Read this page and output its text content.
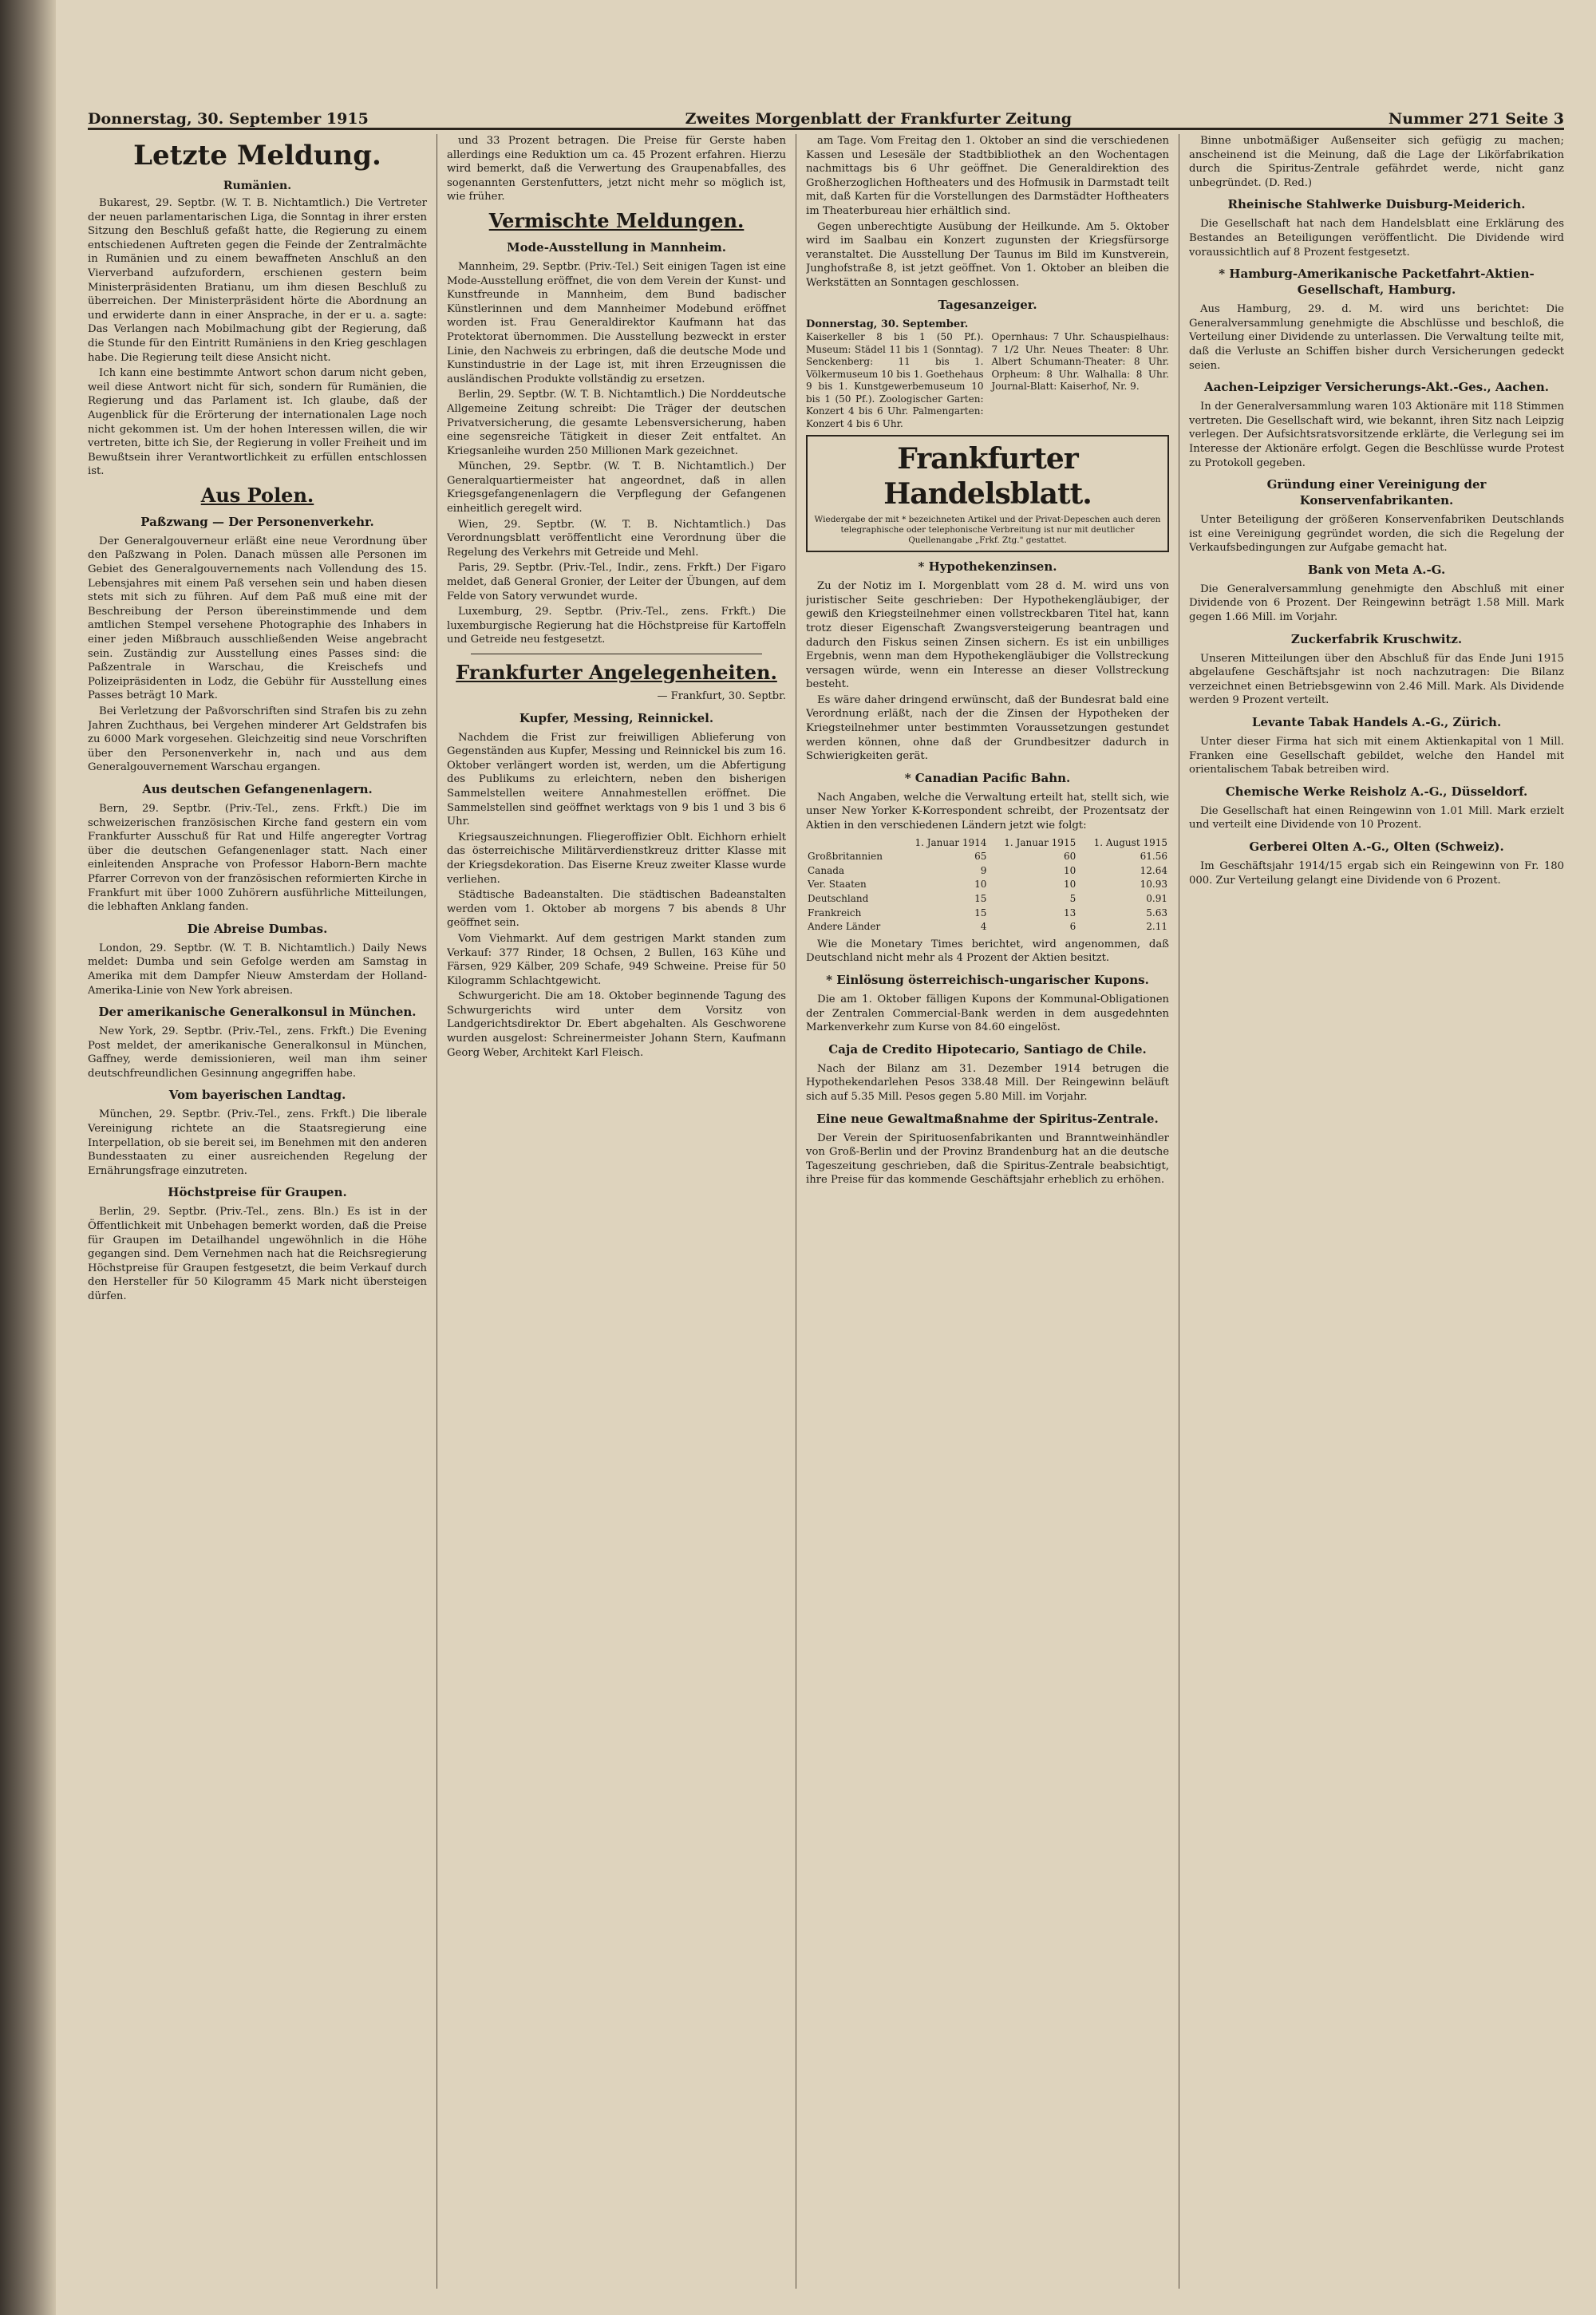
Donnerstag, 30. September 1915	Zweites Morgenblatt der Frankfurter Zeitung	Nummer 271 Seite 3
Letzte Meldung.
Rumänien.

Bukarest, 29. Septbr. (W. T. B. Nichtamtlich.) Die Vertreter der neuen parlamentarischen Liga, die Sonntag in ihrer ersten Sitzung den Beschluß gefaßt hatte, die Regierung zu einem entschiedenen Auftreten gegen die Feinde der Zentralmächte in Rumänien und zu einem bewaffneten Anschluß an den Vierverband aufzufordern, erschienen gestern beim Ministerpräsidenten Bratianu, um ihm diesen Beschluß zu überreichen. Der Ministerpräsident hörte die Abordnung an und erwiderte dann in einer Ansprache, in der er u. a. sagte: Das Verlangen nach Mobilmachung gibt der Regierung, daß die Stunde für den Eintritt Rumäniens in den Krieg geschlagen habe. Die Regierung teilt diese Ansicht nicht.

Ich kann eine bestimmte Antwort schon darum nicht geben, weil diese Antwort nicht für sich, sondern für Rumänien, die Regierung und das Parlament ist. Ich glaube, daß der Augenblick für die Erörterung der internationalen Lage noch nicht gekommen ist. Um der hohen Interessen willen, die wir vertreten, bitte ich Sie, der Regierung in voller Freiheit und im Bewußtsein ihrer Verantwortlichkeit zu erfüllen entschlossen ist.

Aus Polen.
Paßzwang — Der Personenverkehr.

Der Generalgouverneur erläßt eine neue Verordnung über den Paßzwang in Polen. Danach müssen alle Personen im Gebiet des Generalgouvernements nach Vollendung des 15. Lebensjahres mit einem Paß versehen sein und haben diesen stets mit sich zu führen. Auf dem Paß muß eine mit der Beschreibung der Person übereinstimmende und dem amtlichen Stempel versehene Photographie des Inhabers in einer jeden Mißbrauch ausschließenden Weise angebracht sein. Zuständig zur Ausstellung eines Passes sind: die Paßzentrale in Warschau, die Kreischefs und Polizeipräsidenten in Lodz, die Gebühr für Ausstellung eines Passes beträgt 10 Mark.

Bei Verletzung der Paßvorschriften sind Strafen bis zu zehn Jahren Zuchthaus, bei Vergehen minderer Art Geldstrafen bis zu 6000 Mark vorgesehen. Gleichzeitig sind neue Vorschriften über den Personenverkehr in, nach und aus dem Generalgouvernement Warschau ergangen.

Aus deutschen Gefangenenlagern.

Bern, 29. Septbr. (Priv.-Tel., zens. Frkft.) Die im schweizerischen französischen Kirche fand gestern ein vom Frankfurter Ausschuß für Rat und Hilfe angeregter Vortrag über die deutschen Gefangenenlager statt. Nach einer einleitenden Ansprache von Professor Haborn-Bern machte Pfarrer Correvon von der französischen reformierten Kirche in Frankfurt mit über 1000 Zuhörern ausführliche Mitteilungen, die lebhaften Anklang fanden.

Die Abreise Dumbas.

London, 29. Septbr. (W. T. B. Nichtamtlich.) Daily News meldet: Dumba und sein Gefolge werden am Samstag in Amerika mit dem Dampfer Nieuw Amsterdam der Holland-Amerika-Linie von New York abreisen.

Der amerikanische Generalkonsul in München.

New York, 29. Septbr. (Priv.-Tel., zens. Frkft.) Die Evening Post meldet, der amerikanische Generalkonsul in München, Gaffney, werde demissionieren, weil man ihm seiner deutschfreundlichen Gesinnung angegriffen habe.

Vom bayerischen Landtag.

München, 29. Septbr. (Priv.-Tel., zens. Frkft.) Die liberale Vereinigung richtete an die Staatsregierung eine Interpellation, ob sie bereit sei, im Benehmen mit den anderen Bundesstaaten zu einer ausreichenden Regelung der Ernährungsfrage einzutreten.

Höchstpreise für Graupen.

Berlin, 29. Septbr. (Priv.-Tel., zens. Bln.) Es ist in der Öffentlichkeit mit Unbehagen bemerkt worden, daß die Preise für Graupen im Detailhandel ungewöhnlich in die Höhe gegangen sind. Dem Vernehmen nach hat die Reichsregierung Höchstpreise für Graupen festgesetzt, die beim Verkauf durch den Hersteller für 50 Kilogramm 45 Mark nicht übersteigen dürfen.

und 33 Prozent betragen. Die Preise für Gerste haben allerdings eine Reduktion um ca. 45 Prozent erfahren. Hierzu wird bemerkt, daß die Verwertung des Graupenabfalles, des sogenannten Gerstenfutters, jetzt nicht mehr so möglich ist, wie früher.

Vermischte Meldungen.
Mode-Ausstellung in Mannheim.

Mannheim, 29. Septbr. (Priv.-Tel.) Seit einigen Tagen ist eine Mode-Ausstellung eröffnet, die von dem Verein der Kunst- und Kunstfreunde in Mannheim, dem Bund badischer Künstlerinnen und dem Mannheimer Modebund eröffnet worden ist. Frau Generaldirektor Kaufmann hat das Protektorat übernommen. Die Ausstellung bezweckt in erster Linie, den Nachweis zu erbringen, daß die deutsche Mode und Kunstindustrie in der Lage ist, mit ihren Erzeugnissen die ausländischen Produkte vollständig zu ersetzen.

Berlin, 29. Septbr. (W. T. B. Nichtamtlich.) Die Norddeutsche Allgemeine Zeitung schreibt: Die Träger der deutschen Privatversicherung, die gesamte Lebensversicherung, haben eine segensreiche Tätigkeit in dieser Zeit entfaltet. An Kriegsanleihe wurden 250 Millionen Mark gezeichnet.

München, 29. Septbr. (W. T. B. Nichtamtlich.) Der Generalquartiermeister hat angeordnet, daß in allen Kriegsgefangenenlagern die Verpflegung der Gefangenen einheitlich geregelt wird.

Wien, 29. Septbr. (W. T. B. Nichtamtlich.) Das Verordnungsblatt veröffentlicht eine Verordnung über die Regelung des Verkehrs mit Getreide und Mehl.

Paris, 29. Septbr. (Priv.-Tel., Indir., zens. Frkft.) Der Figaro meldet, daß General Gronier, der Leiter der Übungen, auf dem Felde von Satory verwundet wurde.

Luxemburg, 29. Septbr. (Priv.-Tel., zens. Frkft.) Die luxemburgische Regierung hat die Höchstpreise für Kartoffeln und Getreide neu festgesetzt.

Frankfurter Angelegenheiten.
— Frankfurt, 30. Septbr.
Kupfer, Messing, Reinnickel.

Nachdem die Frist zur freiwilligen Ablieferung von Gegenständen aus Kupfer, Messing und Reinnickel bis zum 16. Oktober verlängert worden ist, werden, um die Abfertigung des Publikums zu erleichtern, neben den bisherigen Sammelstellen weitere Annahmestellen eröffnet. Die Sammelstellen sind geöffnet werktags von 9 bis 1 und 3 bis 6 Uhr.

Kriegsauszeichnungen. Fliegeroffizier Oblt. Eichhorn erhielt das österreichische Militärverdienstkreuz dritter Klasse mit der Kriegsdekoration. Das Eiserne Kreuz zweiter Klasse wurde verliehen.

Städtische Badeanstalten. Die städtischen Badeanstalten werden vom 1. Oktober ab morgens 7 bis abends 8 Uhr geöffnet sein.

Vom Viehmarkt. Auf dem gestrigen Markt standen zum Verkauf: 377 Rinder, 18 Ochsen, 2 Bullen, 163 Kühe und Färsen, 929 Kälber, 209 Schafe, 949 Schweine. Preise für 50 Kilogramm Schlachtgewicht.

Schwurgericht. Die am 18. Oktober beginnende Tagung des Schwurgerichts wird unter dem Vorsitz von Landgerichtsdirektor Dr. Ebert abgehalten. Als Geschworene wurden ausgelost: Schreinermeister Johann Stern, Kaufmann Georg Weber, Architekt Karl Fleisch.

am Tage. Vom Freitag den 1. Oktober an sind die verschiedenen Kassen und Lesesäle der Stadtbibliothek an den Wochentagen nachmittags bis 6 Uhr geöffnet. Die Generaldirektion des Großherzoglichen Hoftheaters und des Hofmusik in Darmstadt teilt mit, daß Karten für die Vorstellungen des Darmstädter Hoftheaters im Theaterbureau hier erhältlich sind.

Gegen unberechtigte Ausübung der Heilkunde. Am 5. Oktober wird im Saalbau ein Konzert zugunsten der Kriegsfürsorge veranstaltet. Die Ausstellung Der Taunus im Bild im Kunstverein, Junghofstraße 8, ist jetzt geöffnet. Von 1. Oktober an bleiben die Werkstätten an Sonntagen geschlossen.

Tagesanzeiger.
Donnerstag, 30. September.
Kaiserkeller 8 bis 1 (50 Pf.). Museum: Städel 11 bis 1 (Sonntag). Senckenberg: 11 bis 1. Völkermuseum 10 bis 1. Goethehaus 9 bis 1. Kunstgewerbemuseum 10 bis 1 (50 Pf.). Zoologischer Garten: Konzert 4 bis 6 Uhr. Palmengarten: Konzert 4 bis 6 Uhr.
Opernhaus: 7 Uhr. Schauspielhaus: 7 1/2 Uhr. Neues Theater: 8 Uhr. Albert Schumann-Theater: 8 Uhr. Orpheum: 8 Uhr. Walhalla: 8 Uhr. Journal-Blatt: Kaiserhof, Nr. 9.
Frankfurter Handelsblatt.
Wiedergabe der mit * bezeichneten Artikel und der Privat-Depeschen auch deren telegraphische oder telephonische Verbreitung ist nur mit deutlicher Quellenangabe „Frkf. Ztg." gestattet.
* Hypothekenzinsen.

Zu der Notiz im I. Morgenblatt vom 28 d. M. wird uns von juristischer Seite geschrieben: Der Hypothekengläubiger, der gewiß den Kriegsteilnehmer einen vollstreckbaren Titel hat, kann trotz dieser Eigenschaft Zwangsversteigerung beantragen und dadurch den Fiskus seinen Zinsen sichern. Es ist ein unbilliges Ergebnis, wenn man dem Hypothekengläubiger die Vollstreckung versagen würde, wenn ein Interesse an dieser Vollstreckung besteht.

Es wäre daher dringend erwünscht, daß der Bundesrat bald eine Verordnung erläßt, nach der die Zinsen der Hypotheken der Kriegsteilnehmer unter bestimmten Voraussetzungen gestundet werden können, ohne daß der Grundbesitzer dadurch in Schwierigkeiten gerät.

* Canadian Pacific Bahn.

Nach Angaben, welche die Verwaltung erteilt hat, stellt sich, wie unser New Yorker K-Korrespondent schreibt, der Prozentsatz der Aktien in den verschiedenen Ländern jetzt wie folgt:

	1. Januar 1914	1. Januar 1915	1. August 1915
Großbritannien	65	60	61.56
Canada	9	10	12.64
Ver. Staaten	10	10	10.93
Deutschland	15	5	0.91
Frankreich	15	13	5.63
Andere Länder	4	6	2.11

Wie die Monetary Times berichtet, wird angenommen, daß Deutschland nicht mehr als 4 Prozent der Aktien besitzt.

* Einlösung österreichisch-ungarischer Kupons.

Die am 1. Oktober fälligen Kupons der Kommunal-Obligationen der Zentralen Commercial-Bank werden in dem ausgedehnten Markenverkehr zum Kurse von 84.60 eingelöst.

Caja de Credito Hipotecario, Santiago de Chile.

Nach der Bilanz am 31. Dezember 1914 betrugen die Hypothekendarlehen Pesos 338.48 Mill. Der Reingewinn beläuft sich auf 5.35 Mill. Pesos gegen 5.80 Mill. im Vorjahr.

Eine neue Gewaltmaßnahme der Spiritus-Zentrale.

Der Verein der Spirituosenfabrikanten und Branntweinhändler von Groß-Berlin und der Provinz Brandenburg hat an die deutsche Tageszeitung geschrieben, daß die Spiritus-Zentrale beabsichtigt, ihre Preise für das kommende Geschäftsjahr erheblich zu erhöhen.

Binne unbotmäßiger Außenseiter sich gefügig zu machen; anscheinend ist die Meinung, daß die Lage der Likörfabrikation durch die Spiritus-Zentrale gefährdet werde, nicht ganz unbegründet. (D. Red.)

Rheinische Stahlwerke Duisburg-Meiderich.

Die Gesellschaft hat nach dem Handelsblatt eine Erklärung des Bestandes an Beteiligungen veröffentlicht. Die Dividende wird voraussichtlich auf 8 Prozent festgesetzt.

* Hamburg-Amerikanische Packetfahrt-Aktien-Gesellschaft, Hamburg.

Aus Hamburg, 29. d. M. wird uns berichtet: Die Generalversammlung genehmigte die Abschlüsse und beschloß, die Verteilung einer Dividende zu unterlassen. Die Verwaltung teilte mit, daß die Verluste an Schiffen bisher durch Versicherungen gedeckt seien.

Aachen-Leipziger Versicherungs-Akt.-Ges., Aachen.

In der Generalversammlung waren 103 Aktionäre mit 118 Stimmen vertreten. Die Gesellschaft wird, wie bekannt, ihren Sitz nach Leipzig verlegen. Der Aufsichtsratsvorsitzende erklärte, die Verlegung sei im Interesse der Aktionäre erfolgt. Gegen die Beschlüsse wurde Protest zu Protokoll gegeben.

Gründung einer Vereinigung der Konservenfabrikanten.

Unter Beteiligung der größeren Konservenfabriken Deutschlands ist eine Vereinigung gegründet worden, die sich die Regelung der Verkaufsbedingungen zur Aufgabe gemacht hat.

Bank von Meta A.-G.

Die Generalversammlung genehmigte den Abschluß mit einer Dividende von 6 Prozent. Der Reingewinn beträgt 1.58 Mill. Mark gegen 1.66 Mill. im Vorjahr.

Zuckerfabrik Kruschwitz.

Unseren Mitteilungen über den Abschluß für das Ende Juni 1915 abgelaufene Geschäftsjahr ist noch nachzutragen: Die Bilanz verzeichnet einen Betriebsgewinn von 2.46 Mill. Mark. Als Dividende werden 9 Prozent verteilt.

Levante Tabak Handels A.-G., Zürich.

Unter dieser Firma hat sich mit einem Aktienkapital von 1 Mill. Franken eine Gesellschaft gebildet, welche den Handel mit orientalischem Tabak betreiben wird.

Chemische Werke Reisholz A.-G., Düsseldorf.

Die Gesellschaft hat einen Reingewinn von 1.01 Mill. Mark erzielt und verteilt eine Dividende von 10 Prozent.

Gerberei Olten A.-G., Olten (Schweiz).

Im Geschäftsjahr 1914/15 ergab sich ein Reingewinn von Fr. 180 000. Zur Verteilung gelangt eine Dividende von 6 Prozent.
